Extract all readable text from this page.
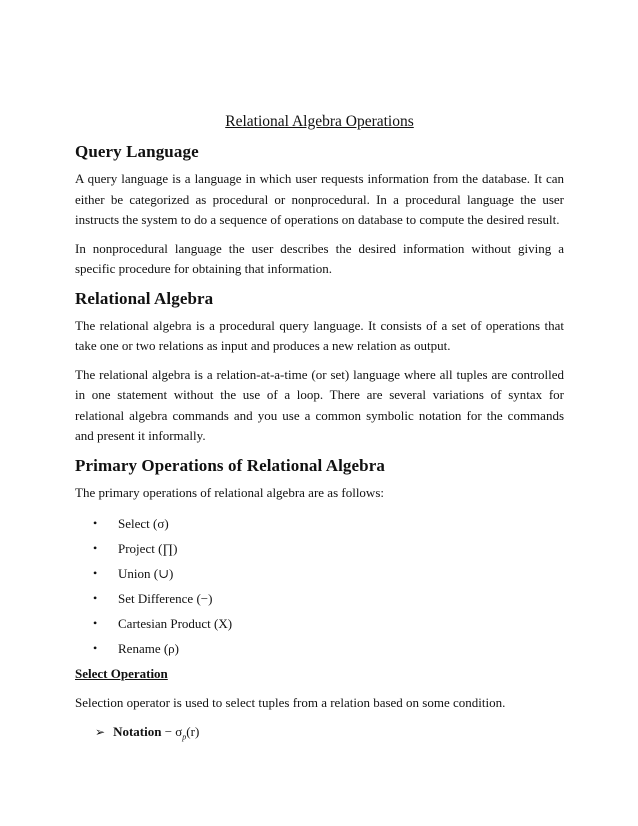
Relational Algebra Operations
Query Language

A query language is a language in which user requests information from the database. It can either be categorized as procedural or nonprocedural. In a procedural language the user instructs the system to do a sequence of operations on database to compute the desired result.

In nonprocedural language the user describes the desired information without giving a specific procedure for obtaining that information.

Relational Algebra

The relational algebra is a procedural query language. It consists of a set of operations that take one or two relations as input and produces a new relation as output.

The relational algebra is a relation-at-a-time (or set) language where all tuples are controlled in one statement without the use of a loop. There are several variations of syntax for relational algebra commands and you use a common symbolic notation for the commands and present it informally.

Primary Operations of Relational Algebra

The primary operations of relational algebra are as follows:

• Select (σ)
• Project (∏)
• Union (∪)
• Set Difference (−)
• Cartesian Product (X)
• Rename (ρ)
Select Operation

Selection operator is used to select tuples from a relation based on some condition.

➢ Notation − $\sigma_p(r)$
